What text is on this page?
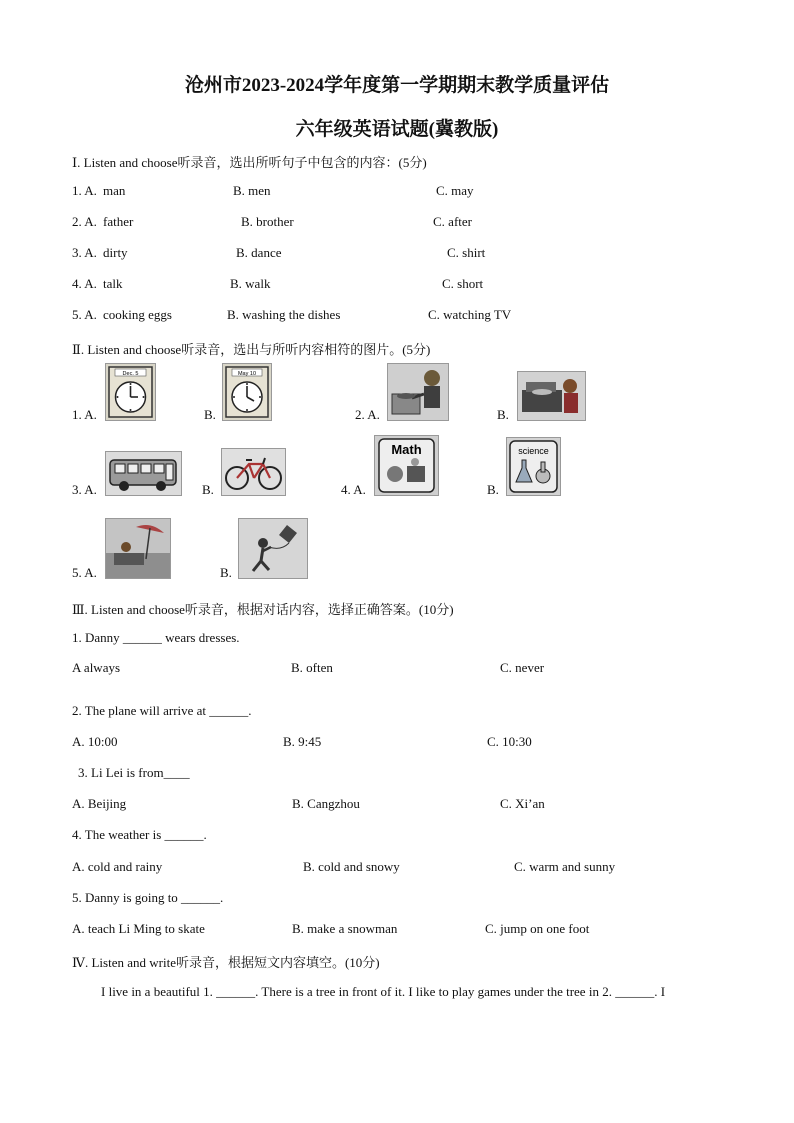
沧州市2023-2024学年度第一学期期末教学质量评估
六年级英语试题(冀教版)
Ⅰ. Listen and choose听录音，选出所听句子中包含的内容：(5分)
1. A. man	B. men	C. may
2. A. father	B. brother	C. after
3. A. dirty	B. dance	C. shirt
4. A. talk	B. walk	C. short
5. A. cooking eggs	B. washing the dishes	C. watching TV
Ⅱ. Listen and choose听录音，选出与所听内容相符的图片。(5分)
1. A.
Dec. 5
B.
May 10
2. A.	B.
3. A.	B.	4. A.
Math
B.
science
5. A.	B.
Ⅲ. Listen and choose听录音，根据对话内容，选择正确答案。(10分)
1. Danny ______ wears dresses.
A always	B. often	C. never
2. The plane will arrive at ______.
A. 10:00	B. 9:45	C. 10:30
3. Li Lei is from____
A. Beijing	B. Cangzhou	C. Xi’an
4. The weather is ______.
A. cold and rainy	B. cold and snowy	C. warm and sunny
5. Danny is going to ______.
A. teach Li Ming to skate	B. make a snowman	C. jump on one foot
Ⅳ. Listen and write听录音，根据短文内容填空。(10分)
I live in a beautiful 1. ______. There is a tree in front of it. I like to play games under the tree in 2. ______. I
